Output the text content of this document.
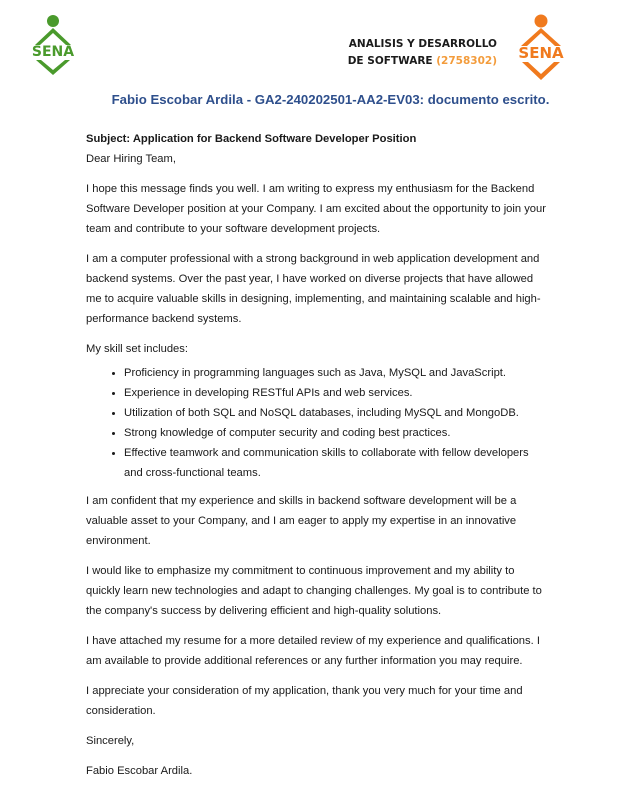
SENA	ANALISIS Y DESARROLLO
DE SOFTWARE (2758302) SENA
Fabio Escobar Ardila - GA2-240202501-AA2-EV03: documento escrito.

Subject: Application for Backend Software Developer Position

Dear Hiring Team,

I hope this message finds you well. I am writing to express my enthusiasm for the Backend Software Developer position at your Company. I am excited about the opportunity to join your team and contribute to your software development projects.

I am a computer professional with a strong background in web application development and backend systems. Over the past year, I have worked on diverse projects that have allowed me to acquire valuable skills in designing, implementing, and maintaining scalable and high-performance backend systems.

My skill set includes:

• Proficiency in programming languages such as Java, MySQL and JavaScript.
• Experience in developing RESTful APIs and web services.
• Utilization of both SQL and NoSQL databases, including MySQL and MongoDB.
• Strong knowledge of computer security and coding best practices.
• Effective teamwork and communication skills to collaborate with fellow developers and cross-functional teams.

I am confident that my experience and skills in backend software development will be a valuable asset to your Company, and I am eager to apply my expertise in an innovative environment.

I would like to emphasize my commitment to continuous improvement and my ability to quickly learn new technologies and adapt to changing challenges. My goal is to contribute to the company's success by delivering efficient and high-quality solutions.

I have attached my resume for a more detailed review of my experience and qualifications. I am available to provide additional references or any further information you may require.

I appreciate your consideration of my application, thank you very much for your time and consideration.

Sincerely,

Fabio Escobar Ardila.
